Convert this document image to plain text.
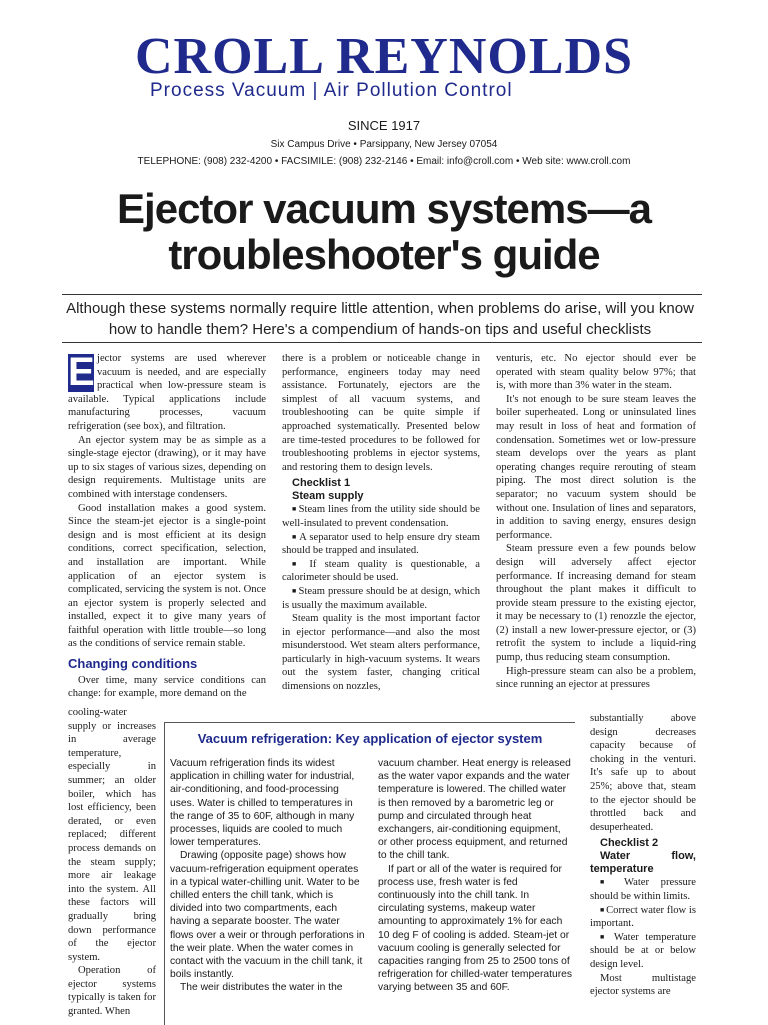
CROLL REYNOLDS
Process Vacuum | Air Pollution Control
SINCE 1917
Six Campus Drive • Parsippany, New Jersey 07054
TELEPHONE: (908) 232-4200 • FACSIMILE: (908) 232-2146 • Email: info@croll.com • Web site: www.croll.com
Ejector vacuum systems—a
troubleshooter's guide
Although these systems normally require little attention, when problems do arise, will you know how to handle them? Here's a compendium of hands-on tips and useful checklists

E jector systems are used wherever vacuum is needed, and are especially practical when low-pressure steam is available. Typical applications include manufacturing processes, vacuum refrigeration (see box), and filtration.

An ejector system may be as simple as a single-stage ejector (drawing), or it may have up to six stages of various sizes, depending on design requirements. Multistage units are combined with interstage condensers.

Good installation makes a good system. Since the steam-jet ejector is a single-point design and is most efficient at its design conditions, correct specification, selection, and installation are important. While application of an ejector system is complicated, servicing the system is not. Once an ejector system is properly selected and installed, expect it to give many years of faithful operation with little trouble—so long as the conditions of service remain stable.

Changing conditions

Over time, many service conditions can change: for example, more demand on the

cooling-water supply or increases in average temperature, especially in summer; an older boiler, which has lost efficiency, been derated, or even replaced; different process demands on the steam supply; more air leakage into the system. All these factors will gradually bring down performance of the ejector system.

Operation of ejector systems typically is taken for granted. When

there is a problem or noticeable change in performance, engineers today may need assistance. Fortunately, ejectors are the simplest of all vacuum systems, and troubleshooting can be quite simple if approached systematically. Presented below are time-tested procedures to be followed for troubleshooting problems in ejector systems, and restoring them to design levels.

Checklist 1
Steam supply

■ Steam lines from the utility side should be well-insulated to prevent condensation.

■ A separator used to help ensure dry steam should be trapped and insulated.

■ If steam quality is questionable, a calorimeter should be used.

■ Steam pressure should be at design, which is usually the maximum available.

Steam quality is the most important factor in ejector performance—and also the most misunderstood. Wet steam alters performance, particularly in high-vacuum systems. It wears out the system faster, changing critical dimensions on nozzles,

venturis, etc. No ejector should ever be operated with steam quality below 97%; that is, with more than 3% water in the steam.

It's not enough to be sure steam leaves the boiler superheated. Long or uninsulated lines may result in loss of heat and formation of condensation. Sometimes wet or low-pressure steam develops over the years as plant operating changes require rerouting of steam piping. The most direct solution is the separator; no vacuum system should be without one. Insulation of lines and separators, in addition to saving energy, ensures design performance.

Steam pressure even a few pounds below design will adversely affect ejector performance. If increasing demand for steam throughout the plant makes it difficult to provide steam pressure to the existing ejector, it may be necessary to (1) renozzle the ejector, (2) install a new lower-pressure ejector, or (3) retrofit the system to include a liquid-ring pump, thus reducing steam consumption.

High-pressure steam can also be a problem, since running an ejector at pressures

substantially above design decreases capacity because of choking in the venturi. It's safe up to about 25%; above that, steam to the ejector should be throttled back and desuperheated.

Checklist 2
Water flow, temperature

■ Water pressure should be within limits.

■ Correct water flow is important.

■ Water temperature should be at or below design level.

Most multistage ejector systems are

Vacuum refrigeration: Key application of ejector system

Vacuum refrigeration finds its widest application in chilling water for industrial, air-conditioning, and food-processing uses. Water is chilled to temperatures in the range of 35 to 60F, although in many processes, liquids are cooled to much lower temperatures.

Drawing (opposite page) shows how vacuum-refrigeration equipment operates in a typical water-chilling unit. Water to be chilled enters the chill tank, which is divided into two compartments, each having a separate booster. The water flows over a weir or through perforations in the weir plate. When the water comes in contact with the vacuum in the chill tank, it boils instantly.

The weir distributes the water in the

vacuum chamber. Heat energy is released as the water vapor expands and the water temperature is lowered. The chilled water is then removed by a barometric leg or pump and circulated through heat exchangers, air-conditioning equipment, or other process equipment, and returned to the chill tank.

If part or all of the water is required for process use, fresh water is fed continuously into the chill tank. In circulating systems, makeup water amounting to approximately 1% for each 10 deg F of cooling is added. Steam-jet or vacuum cooling is generally selected for capacities ranging from 25 to 2500 tons of refrigeration for chilled-water temperatures varying between 35 and 60F.
